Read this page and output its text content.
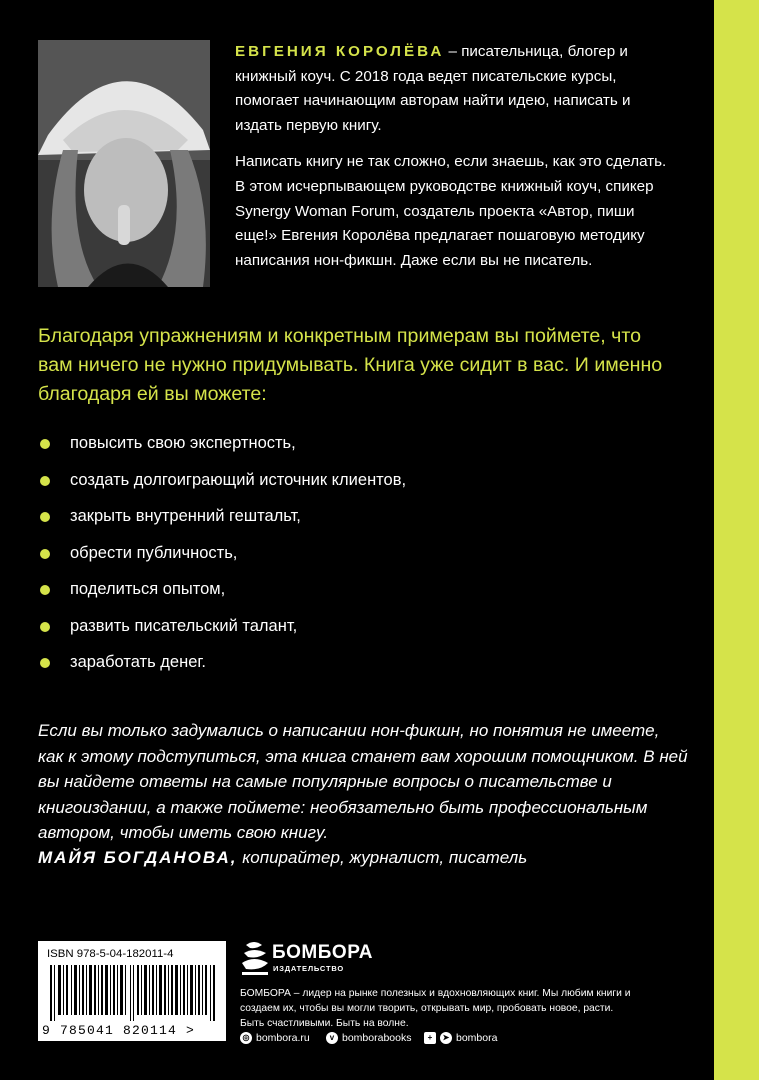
ЕВГЕНИЯ КОРОЛЁВА – писательница, блогер и книжный коуч. С 2018 года ведет писательские курсы, помогает начинающим авторам найти идею, написать и издать первую книгу.

Написать книгу не так сложно, если знаешь, как это сделать. В этом исчерпывающем руководстве книжный коуч, спикер Synergy Woman Forum, создатель проекта «Автор, пиши еще!» Евгения Королёва предлагает пошаговую методику написания нон-фикшн. Даже если вы не писатель.

Благодаря упражнениям и конкретным примерам вы поймете, что вам ничего не нужно придумывать. Книга уже сидит в вас. И именно благодаря ей вы можете:

повысить свою экспертность,
создать долгоиграющий источник клиентов,
закрыть внутренний гештальт,
обрести публичность,
поделиться опытом,
развить писательский талант,
заработать денег.

Если вы только задумались о написании нон-фикшн, но понятия не имеете, как к этому подступиться, эта книга станет вам хорошим помощником. В ней вы найдете ответы на самые популярные вопросы о писательстве и книгоиздании, а также поймете: необязательно быть профессиональным автором, чтобы иметь свою книгу.

МАЙЯ БОГДАНОВА, копирайтер, журналист, писатель
ISBN 978-5-04-182011-4
9 785041 820114 >
БОМБОРА
ИЗДАТЕЛЬСТВО

БОМБОРА – лидер на рынке полезных и вдохновляющих книг. Мы любим книги и создаем их, чтобы вы могли творить, открывать мир, пробовать новое, расти. Быть счастливыми. Быть на волне.

◎ bombora.ru	v bomborabooks	+ ➤ bombora
